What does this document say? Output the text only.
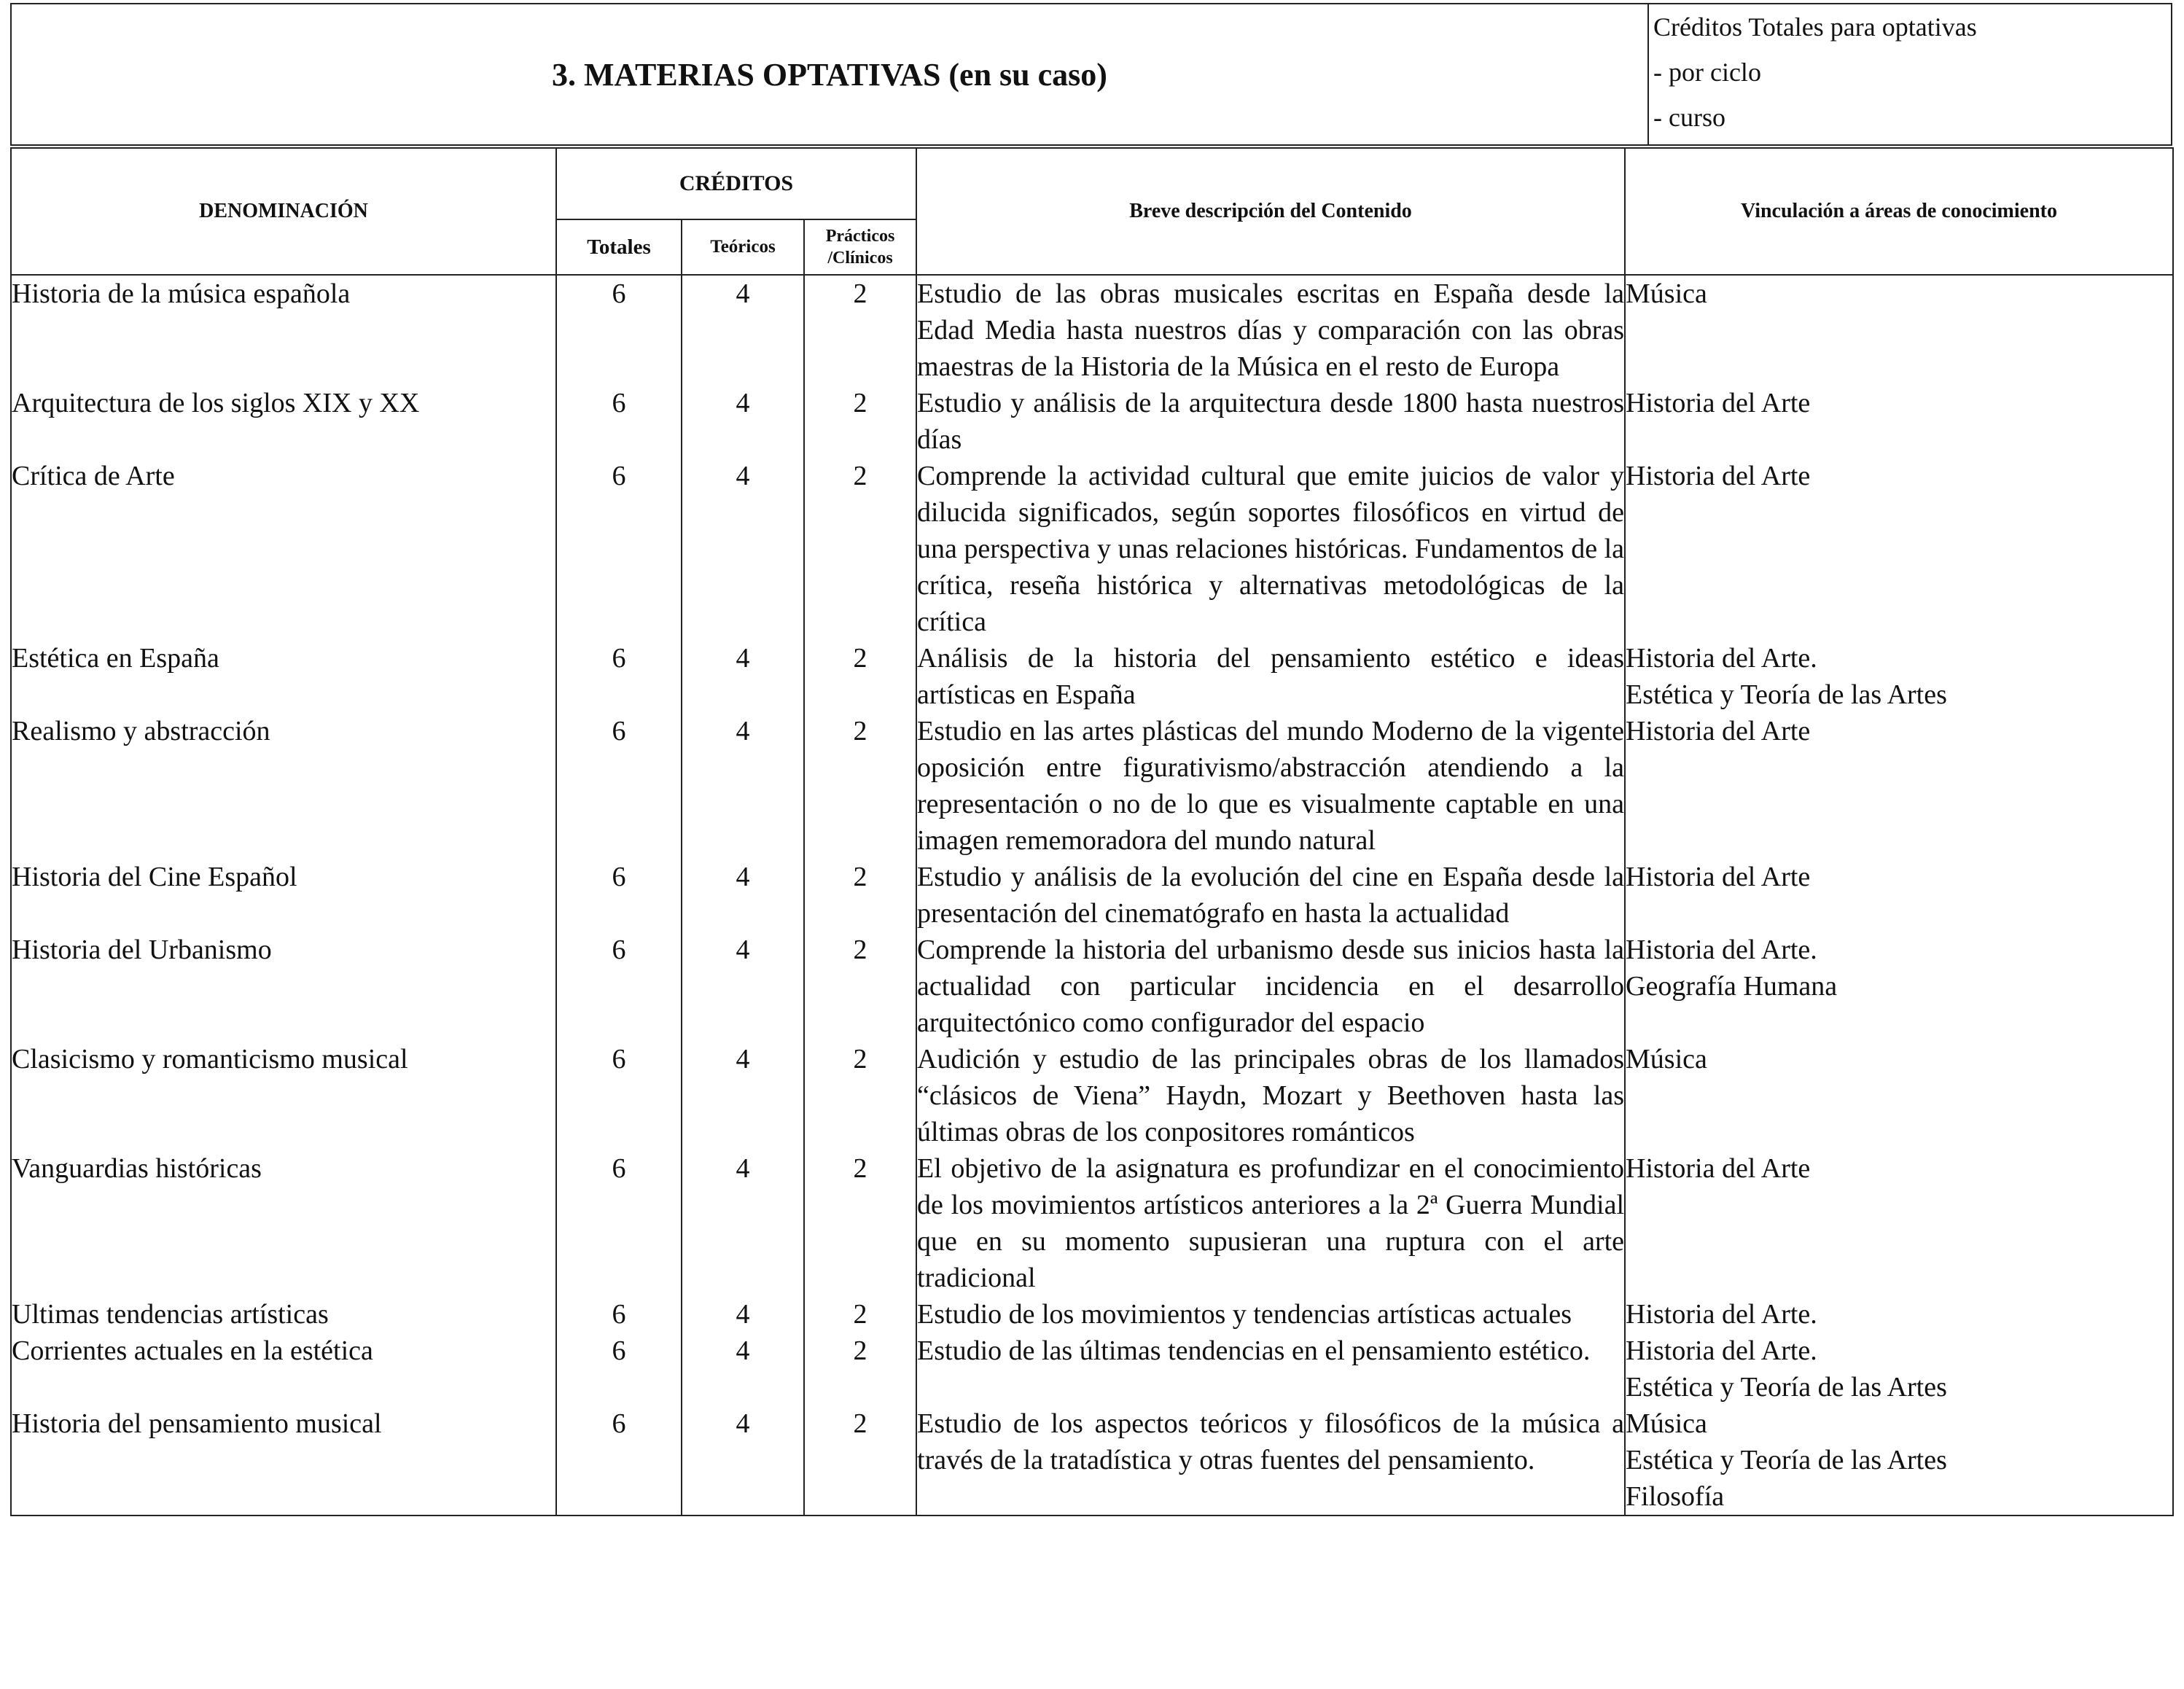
3. MATERIAS OPTATIVAS (en su caso)
Créditos Totales para optativas
- por ciclo
- curso
DENOMINACIÓN	CRÉDITOS			Breve descripción del Contenido	Vinculación a áreas de conocimiento
	Totales	Teóricos	Prácticos
/Clínicos		

Historia de la música española	6	4	2	Estudio de las obras musicales escritas en España desde la Edad Media hasta nuestros días y comparación con las obras maestras de la Historia de la Música en el resto de Europa	Música

Arquitectura de los siglos XIX y XX	6	4	2	Estudio y análisis de la arquitectura desde 1800 hasta nuestros días	Historia del Arte

Crítica de Arte	6	4	2	Comprende la actividad cultural que emite juicios de valor y dilucida significados, según soportes filosóficos en virtud de una perspectiva y unas relaciones históricas. Fundamentos de la crítica, reseña histórica y alternativas metodológicas de la crítica	Historia del Arte

Estética en España	6	4	2	Análisis de la historia del pensamiento estético e ideas artísticas en España	Historia del Arte.
Estética y Teoría de las Artes

Realismo y abstracción	6	4	2	Estudio en las artes plásticas del mundo Moderno de la vigente oposición entre figurativismo/abstracción atendiendo a la representación o no de lo que es visualmente captable en una imagen rememoradora del mundo natural	Historia del Arte

Historia del Cine Español	6	4	2	Estudio y análisis de la evolución del cine en España desde la presentación del cinematógrafo en hasta la actualidad	Historia del Arte

Historia del Urbanismo	6	4	2	Comprende la historia del urbanismo desde sus inicios hasta la actualidad con particular incidencia en el desarrollo arquitectónico como configurador del espacio	Historia del Arte.
Geografía Humana

Clasicismo y romanticismo musical	6	4	2	Audición y estudio de las principales obras de los llamados “clásicos de Viena” Haydn, Mozart y Beethoven hasta las últimas obras de los conpositores románticos	Música

Vanguardias históricas	6	4	2	El objetivo de la asignatura es profundizar en el conocimiento de los movimientos artísticos anteriores a la 2ª Guerra Mundial que en su momento supusieran una ruptura con el arte tradicional	Historia del Arte

Ultimas tendencias artísticas	6	4	2	Estudio de los movimientos y tendencias artísticas actuales	Historia del Arte.

Corrientes actuales en la estética	6	4	2	Estudio de las últimas tendencias en el pensamiento estético.	Historia del Arte.
Estética y Teoría de las Artes

Historia del pensamiento musical	6	4	2	Estudio de los aspectos teóricos y filosóficos de la música a través de la tratadística y otras fuentes del pensamiento.	Música
Estética y Teoría de las Artes
Filosofía
